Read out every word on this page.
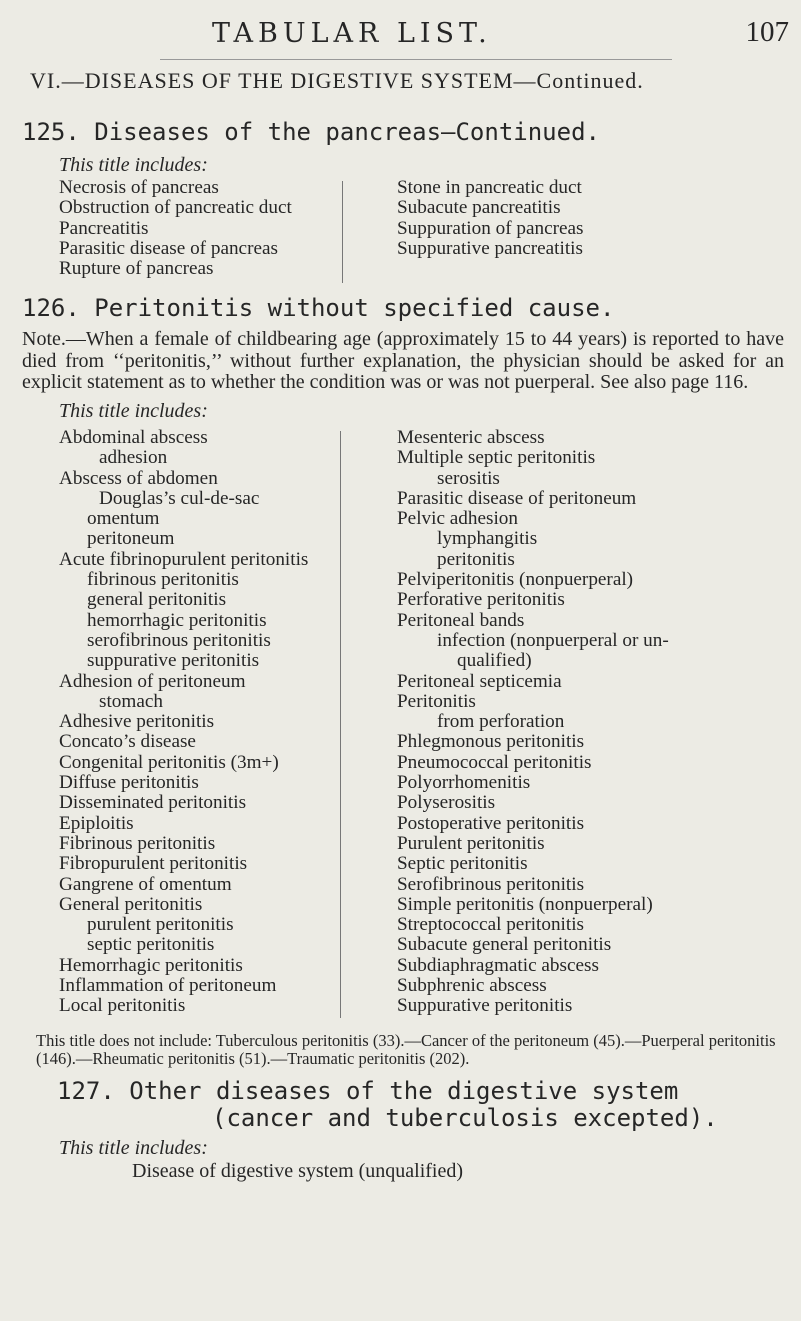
TABULAR LIST.	107
VI.—DISEASES OF THE DIGESTIVE SYSTEM—Continued.
125. Diseases of the pancreas—Continued.
This title includes:
Necrosis of pancreas
Obstruction of pancreatic duct
Pancreatitis
Parasitic disease of pancreas
Rupture of pancreas
Stone in pancreatic duct
Subacute pancreatitis
Suppuration of pancreas
Suppurative pancreatitis
126. Peritonitis without specified cause.
Note.—When a female of childbearing age (approximately 15 to 44 years) is reported to have died from ‘‘peritonitis,’’ without further explanation, the physician should be asked for an explicit statement as to whether the condition was or was not puerperal. See also page 116.
This title includes:
Abdominal abscess
adhesion
Abscess of abdomen
Douglas’s cul-de-sac
omentum
peritoneum
Acute fibrinopurulent peritonitis
fibrinous peritonitis
general peritonitis
hemorrhagic peritonitis
serofibrinous peritonitis
suppurative peritonitis
Adhesion of peritoneum
stomach
Adhesive peritonitis
Concato’s disease
Congenital peritonitis (3m+)
Diffuse peritonitis
Disseminated peritonitis
Epiploitis
Fibrinous peritonitis
Fibropurulent peritonitis
Gangrene of omentum
General peritonitis
purulent peritonitis
septic peritonitis
Hemorrhagic peritonitis
Inflammation of peritoneum
Local peritonitis
Mesenteric abscess
Multiple septic peritonitis
serositis
Parasitic disease of peritoneum
Pelvic adhesion
lymphangitis
peritonitis
Pelviperitonitis (nonpuerperal)
Perforative peritonitis
Peritoneal bands
infection (nonpuerperal or un-
qualified)
Peritoneal septicemia
Peritonitis
from perforation
Phlegmonous peritonitis
Pneumococcal peritonitis
Polyorrhomenitis
Polyserositis
Postoperative peritonitis
Purulent peritonitis
Septic peritonitis
Serofibrinous peritonitis
Simple peritonitis (nonpuerperal)
Streptococcal peritonitis
Subacute general peritonitis
Subdiaphragmatic abscess
Subphrenic abscess
Suppurative peritonitis
This title does not include: Tuberculous peritonitis (33).—Cancer of the peritoneum (45).—Puerperal peritonitis (146).—Rheumatic peritonitis (51).—Traumatic peritonitis (202).
127. Other diseases of the digestive system (cancer and tuberculosis excepted).
This title includes:
Disease of digestive system (unqualified)
